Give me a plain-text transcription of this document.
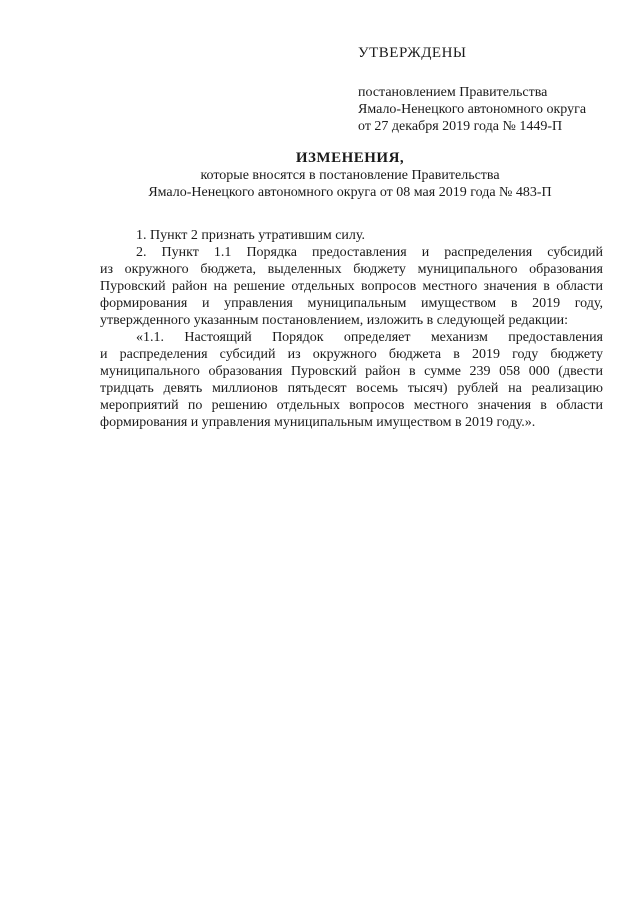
УТВЕРЖДЕНЫ
постановлением Правительства
Ямало-Ненецкого автономного округа
от 27 декабря 2019 года № 1449-П
ИЗМЕНЕНИЯ,
которые вносятся в постановление Правительства
Ямало-Ненецкого автономного округа от 08 мая 2019 года № 483-П
1. Пункт 2 признать утратившим силу.
2. Пункт 1.1 Порядка предоставления и распределения субсидий
из окружного бюджета, выделенных бюджету муниципального образования
Пуровский район на решение отдельных вопросов местного значения в области
формирования и управления муниципальным имуществом в 2019 году,
утвержденного указанным постановлением, изложить в следующей редакции:
«1.1. Настоящий Порядок определяет механизм предоставления
и распределения субсидий из окружного бюджета в 2019 году бюджету
муниципального образования Пуровский район в сумме 239 058 000 (двести
тридцать девять миллионов пятьдесят восемь тысяч) рублей на реализацию
мероприятий по решению отдельных вопросов местного значения в области
формирования и управления муниципальным имуществом в 2019 году.».
